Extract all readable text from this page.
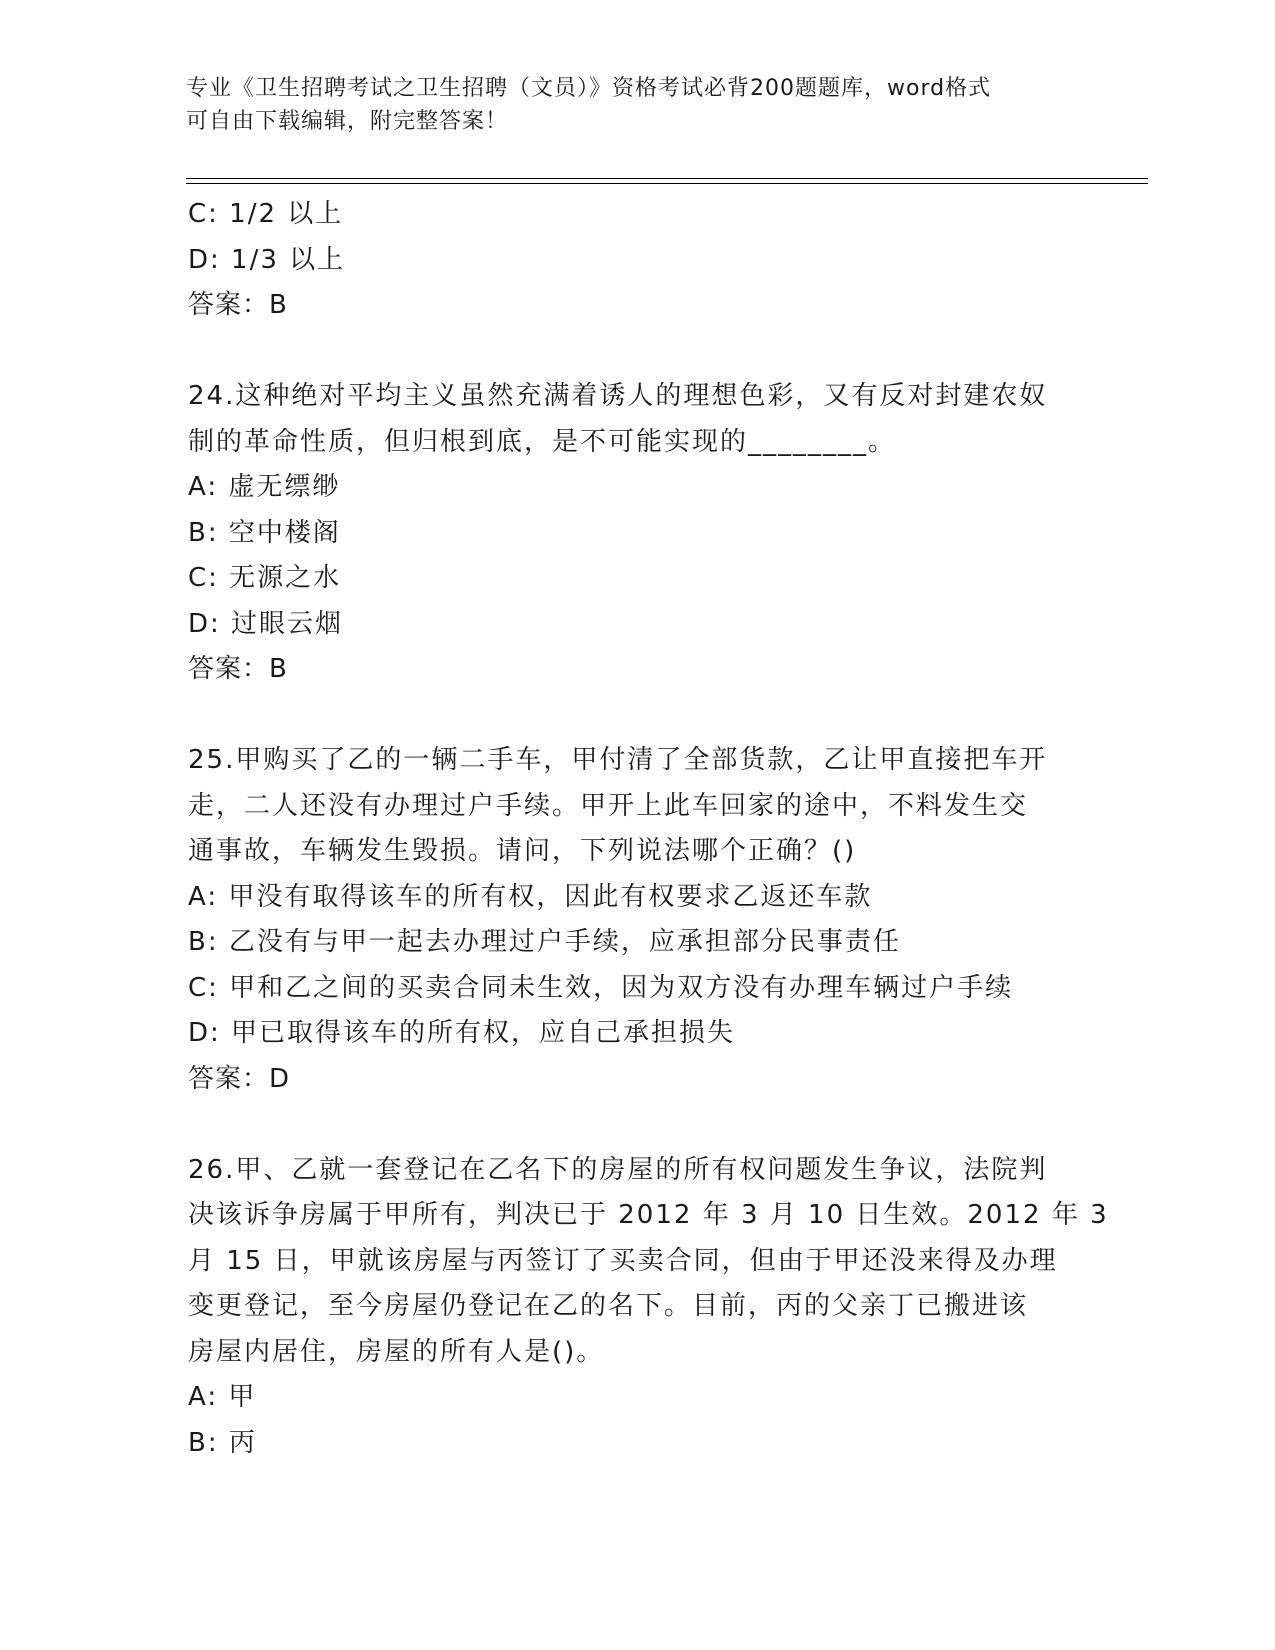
专业《卫生招聘考试之卫生招聘（文员）》资格考试必背200题题库，word格式
可自由下载编辑，附完整答案！
C: 1/2 以上
D: 1/3 以上
答案：B
24.这种绝对平均主义虽然充满着诱人的理想色彩，又有反对封建农奴
制的革命性质，但归根到底，是不可能实现的________。
A: 虚无缥缈
B: 空中楼阁
C: 无源之水
D: 过眼云烟
答案：B
25.甲购买了乙的一辆二手车，甲付清了全部货款，乙让甲直接把车开
走，二人还没有办理过户手续。甲开上此车回家的途中，不料发生交
通事故，车辆发生毁损。请问，下列说法哪个正确？()
A: 甲没有取得该车的所有权，因此有权要求乙返还车款
B: 乙没有与甲一起去办理过户手续，应承担部分民事责任
C: 甲和乙之间的买卖合同未生效，因为双方没有办理车辆过户手续
D: 甲已取得该车的所有权，应自己承担损失
答案：D
26.甲、乙就一套登记在乙名下的房屋的所有权问题发生争议，法院判
决该诉争房属于甲所有，判决已于 2012 年 3 月 10 日生效。2012 年 3
月 15 日，甲就该房屋与丙签订了买卖合同，但由于甲还没来得及办理
变更登记，至今房屋仍登记在乙的名下。目前，丙的父亲丁已搬进该
房屋内居住，房屋的所有人是()。
A: 甲
B: 丙
